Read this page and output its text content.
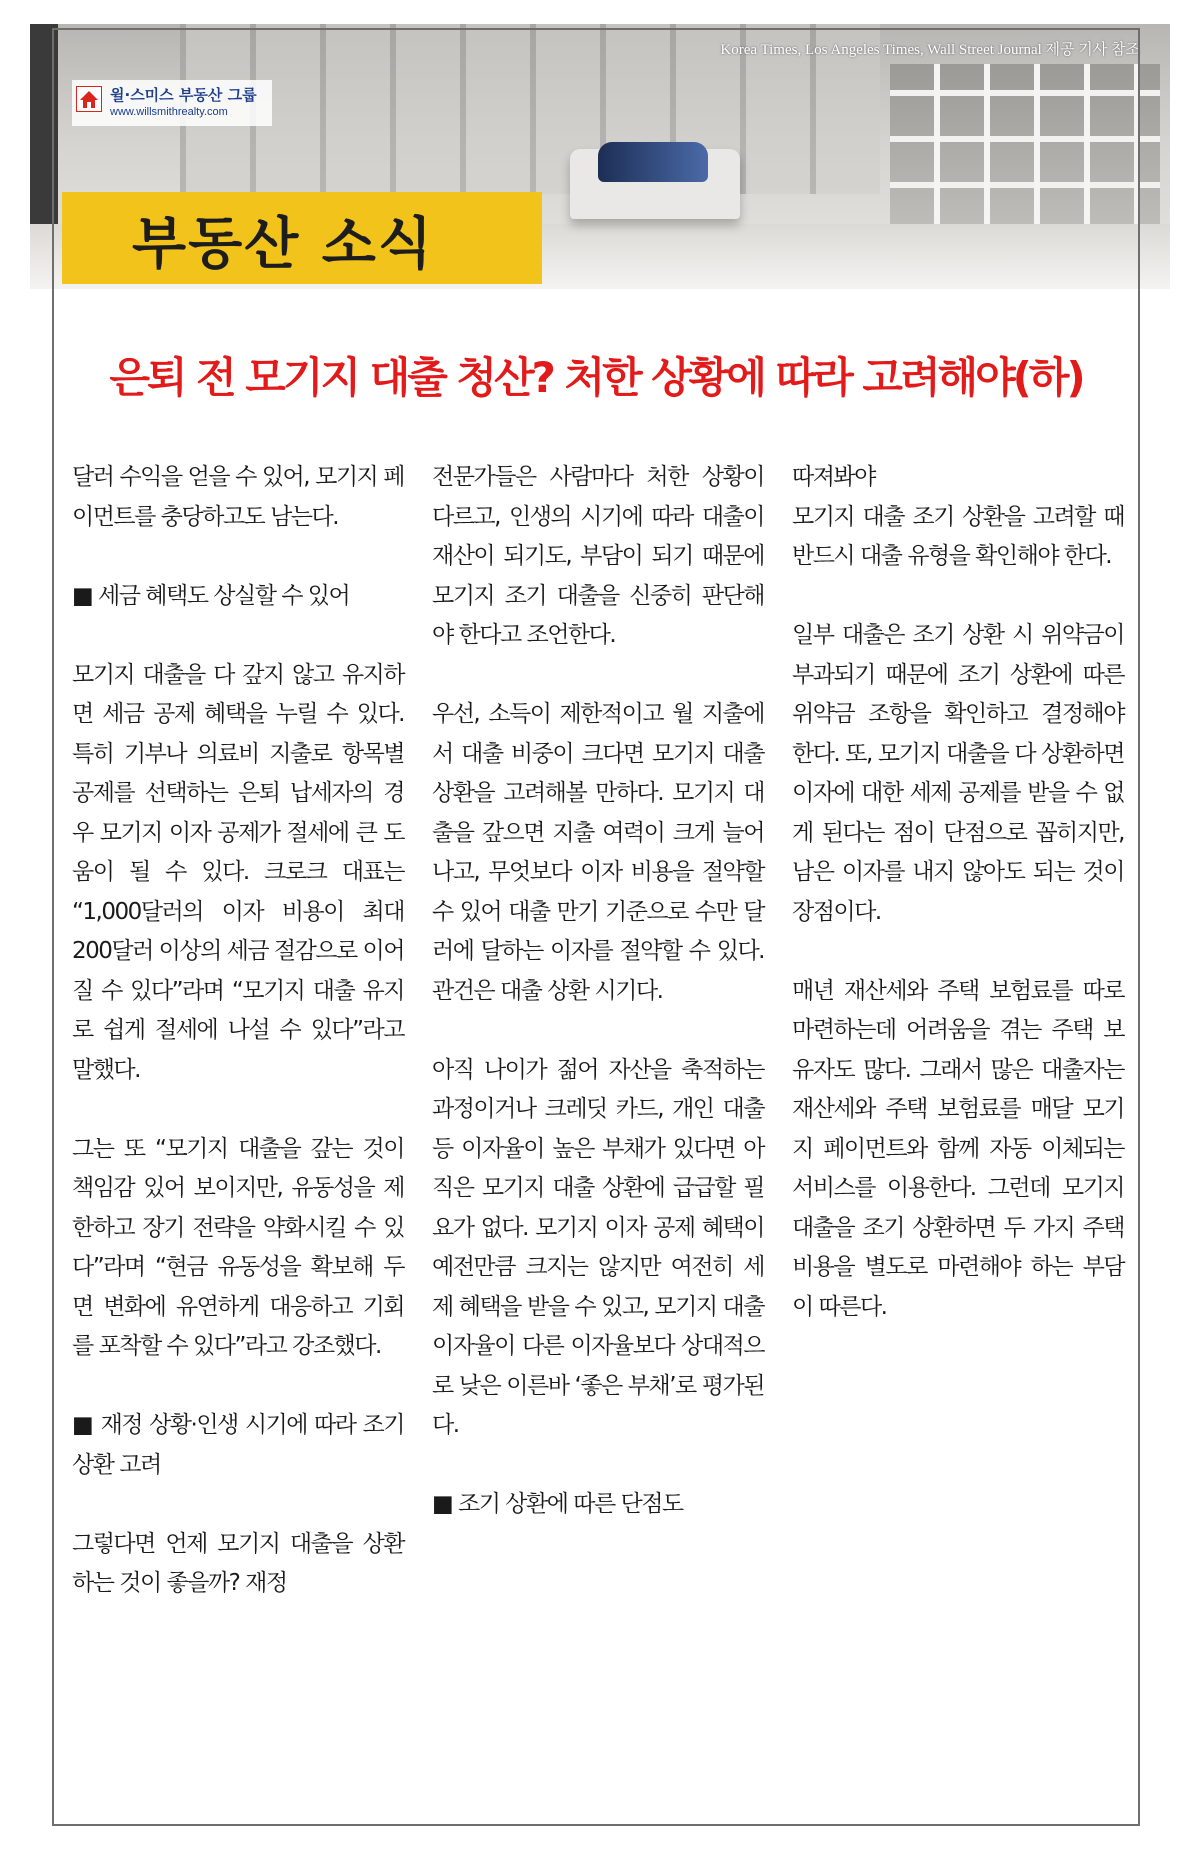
Korea Times, Los Angeles Times, Wall Street Journal 제공 기사 참조
윌·스미스 부동산 그룹
www.willsmithrealty.com
부동산 소식
은퇴 전 모기지 대출 청산? 처한 상황에 따라 고려해야(하)

달러 수익을 얻을 수 있어, 모기지 페이먼트를 충당하고도 남는다.

■ 세금 혜택도 상실할 수 있어

모기지 대출을 다 갚지 않고 유지하면 세금 공제 혜택을 누릴 수 있다. 특히 기부나 의료비 지출로 항목별 공제를 선택하는 은퇴 납세자의 경우 모기지 이자 공제가 절세에 큰 도움이 될 수 있다. 크로크 대표는 “1,000달러의 이자 비용이 최대 200달러 이상의 세금 절감으로 이어질 수 있다”라며 “모기지 대출 유지로 쉽게 절세에 나설 수 있다”라고 말했다.

그는 또 “모기지 대출을 갚는 것이 책임감 있어 보이지만, 유동성을 제한하고 장기 전략을 약화시킬 수 있다”라며 “현금 유동성을 확보해 두면 변화에 유연하게 대응하고 기회를 포착할 수 있다”라고 강조했다.

■ 재정 상황·인생 시기에 따라 조기 상환 고려

그렇다면 언제 모기지 대출을 상환하는 것이 좋을까? 재정

전문가들은 사람마다 처한 상황이 다르고, 인생의 시기에 따라 대출이 재산이 되기도, 부담이 되기 때문에 모기지 조기 대출을 신중히 판단해야 한다고 조언한다.

우선, 소득이 제한적이고 월 지출에서 대출 비중이 크다면 모기지 대출 상환을 고려해볼 만하다. 모기지 대출을 갚으면 지출 여력이 크게 늘어나고, 무엇보다 이자 비용을 절약할 수 있어 대출 만기 기준으로 수만 달러에 달하는 이자를 절약할 수 있다. 관건은 대출 상환 시기다.

아직 나이가 젊어 자산을 축적하는 과정이거나 크레딧 카드, 개인 대출 등 이자율이 높은 부채가 있다면 아직은 모기지 대출 상환에 급급할 필요가 없다. 모기지 이자 공제 혜택이 예전만큼 크지는 않지만 여전히 세제 혜택을 받을 수 있고, 모기지 대출 이자율이 다른 이자율보다 상대적으로 낮은 이른바 ‘좋은 부채’로 평가된다.

■ 조기 상환에 따른 단점도

따져봐야

모기지 대출 조기 상환을 고려할 때 반드시 대출 유형을 확인해야 한다.

일부 대출은 조기 상환 시 위약금이 부과되기 때문에 조기 상환에 따른 위약금 조항을 확인하고 결정해야 한다. 또, 모기지 대출을 다 상환하면 이자에 대한 세제 공제를 받을 수 없게 된다는 점이 단점으로 꼽히지만, 남은 이자를 내지 않아도 되는 것이 장점이다.

매년 재산세와 주택 보험료를 따로 마련하는데 어려움을 겪는 주택 보유자도 많다. 그래서 많은 대출자는 재산세와 주택 보험료를 매달 모기지 페이먼트와 함께 자동 이체되는 서비스를 이용한다. 그런데 모기지 대출을 조기 상환하면 두 가지 주택 비용을 별도로 마련해야 하는 부담이 따른다.
